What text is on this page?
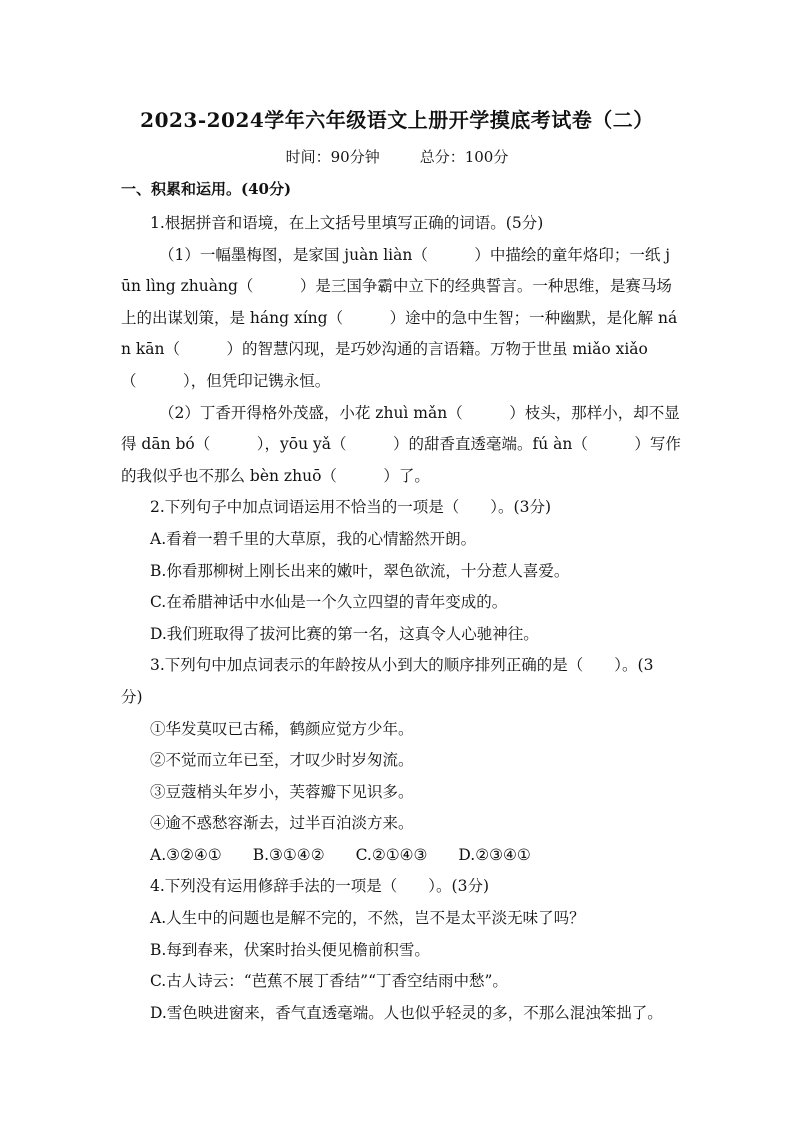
2023-2024学年六年级语文上册开学摸底考试卷（二）
时间：90分钟	总分：100分
一、积累和运用。(40分)
1.根据拼音和语境，在上文括号里填写正确的词语。(5分)
（1）一幅墨梅图，是家国 juàn liàn（　　　）中描绘的童年烙印；一纸 j
ūn lìng zhuàng（　　　）是三国争霸中立下的经典誓言。一种思维，是赛马场
上的出谋划策，是 háng xíng（　　　）途中的急中生智；一种幽默，是化解 ná
n kān（　　　）的智慧闪现，是巧妙沟通的言语籍。万物于世虽 miǎo xiǎo
（　　　），但凭印记镌永恒。
（2）丁香开得格外茂盛，小花 zhuì mǎn（　　　）枝头，那样小，却不显
得 dān bó（　　　），yōu yǎ（　　　）的甜香直透毫端。fú àn（　　　）写作
的我似乎也不那么 bèn zhuō（　　　）了。
2.下列句子中加点词语运用不恰当的一项是（　　）。(3分)
A.看着一碧千里的大草原，我的心情豁然开朗。
B.你看那柳树上刚长出来的嫩叶，翠色欲流，十分惹人喜爱。
C.在希腊神话中水仙是一个久立四望的青年变成的。
D.我们班取得了拔河比赛的第一名，这真令人心驰神往。
3.下列句中加点词表示的年龄按从小到大的顺序排列正确的是（　　）。(3
分)
①华发莫叹已古稀，鹤颜应觉方少年。
②不觉而立年已至，才叹少时岁匆流。
③豆蔻梢头年岁小，芙蓉瓣下见识多。
④逾不惑愁容渐去，过半百泊淡方来。
A.③②④①　　B.③①④②　　C.②①④③　　D.②③④①
4.下列没有运用修辞手法的一项是（　　）。(3分)
A.人生中的问题也是解不完的，不然，岂不是太平淡无味了吗？
B.每到春来，伏案时抬头便见檐前积雪。
C.古人诗云：“芭蕉不展丁香结”“丁香空结雨中愁”。
D.雪色映进窗来，香气直透毫端。人也似乎轻灵的多，不那么混浊笨拙了。
